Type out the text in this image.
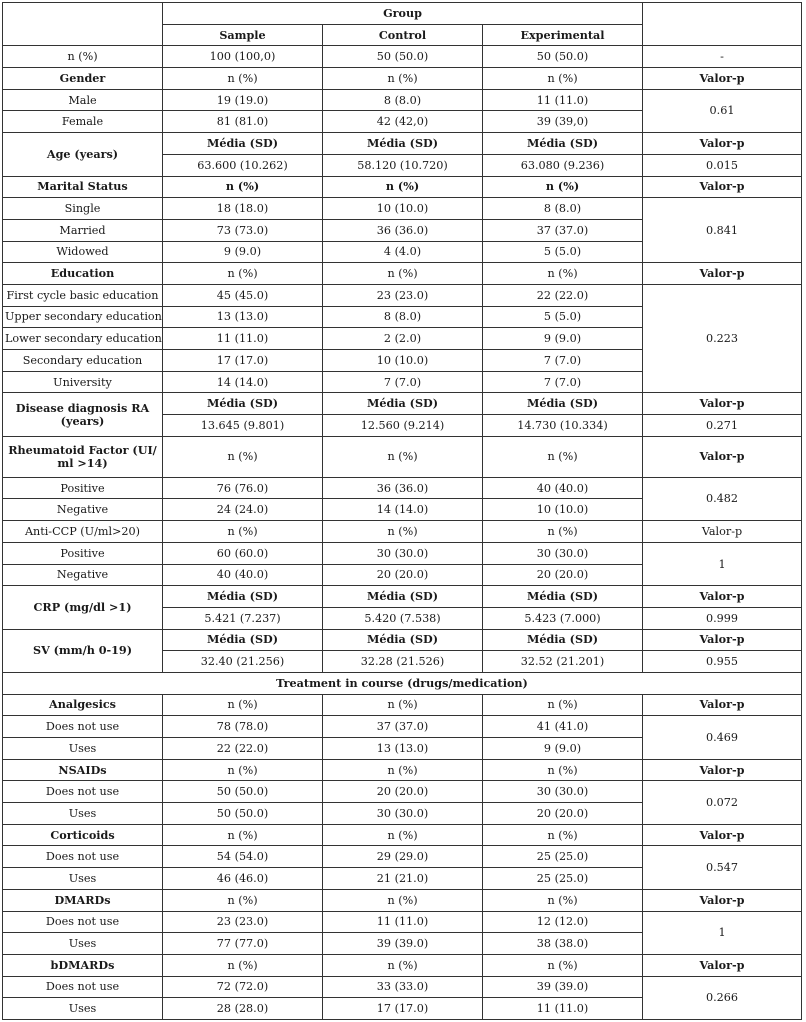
	Group			
	Sample	Control	Experimental	
n (%)	100 (100,0)	50 (50.0)	50 (50.0)	-
Gender	n (%)	n (%)	n (%)	Valor-p
Male	19 (19.0)	8 (8.0)	11 (11.0)	0.61
Female	81 (81.0)	42 (42,0)	39 (39,0)	
Age (years)	Média (SD)	Média (SD)	Média (SD)	Valor-p
	63.600 (10.262)	58.120 (10.720)	63.080 (9.236)	0.015
Marital Status	n (%)	n (%)	n (%)	Valor-p
Single	18 (18.0)	10 (10.0)	8 (8.0)	0.841
Married	73 (73.0)	36 (36.0)	37 (37.0)	
Widowed	9 (9.0)	4 (4.0)	5 (5.0)	
Education	n (%)	n (%)	n (%)	Valor-p
First cycle basic education	45 (45.0)	23 (23.0)	22 (22.0)	0.223
Upper secondary education	13 (13.0)	8 (8.0)	5 (5.0)	
Lower secondary education	11 (11.0)	2 (2.0)	9 (9.0)	
Secondary education	17 (17.0)	10 (10.0)	7 (7.0)	
University	14 (14.0)	7 (7.0)	7 (7.0)	
Disease diagnosis RA (years)	Média (SD)	Média (SD)	Média (SD)	Valor-p
	13.645 (9.801)	12.560 (9.214)	14.730 (10.334)	0.271
Rheumatoid Factor (UI/ ml >14)	n (%)	n (%)	n (%)	Valor-p
Positive	76 (76.0)	36 (36.0)	40 (40.0)	0.482
Negative	24 (24.0)	14 (14.0)	10 (10.0)	
Anti-CCP (U/ml>20)	n (%)	n (%)	n (%)	Valor-p
Positive	60 (60.0)	30 (30.0)	30 (30.0)	1
Negative	40 (40.0)	20 (20.0)	20 (20.0)	
CRP (mg/dl >1)	Média (SD)	Média (SD)	Média (SD)	Valor-p
	5.421 (7.237)	5.420 (7.538)	5.423 (7.000)	0.999
SV (mm/h 0-19)	Média (SD)	Média (SD)	Média (SD)	Valor-p
	32.40 (21.256)	32.28 (21.526)	32.52 (21.201)	0.955
Treatment in course (drugs/medication)				
Analgesics	n (%)	n (%)	n (%)	Valor-p
Does not use	78 (78.0)	37 (37.0)	41 (41.0)	0.469
Uses	22 (22.0)	13 (13.0)	9 (9.0)	
NSAIDs	n (%)	n (%)	n (%)	Valor-p
Does not use	50 (50.0)	20 (20.0)	30 (30.0)	0.072
Uses	50 (50.0)	30 (30.0)	20 (20.0)	
Corticoids	n (%)	n (%)	n (%)	Valor-p
Does not use	54 (54.0)	29 (29.0)	25 (25.0)	0.547
Uses	46 (46.0)	21 (21.0)	25 (25.0)	
DMARDs	n (%)	n (%)	n (%)	Valor-p
Does not use	23 (23.0)	11 (11.0)	12 (12.0)	1
Uses	77 (77.0)	39 (39.0)	38 (38.0)	
bDMARDs	n (%)	n (%)	n (%)	Valor-p
Does not use	72 (72.0)	33 (33.0)	39 (39.0)	0.266
Uses	28 (28.0)	17 (17.0)	11 (11.0)	
